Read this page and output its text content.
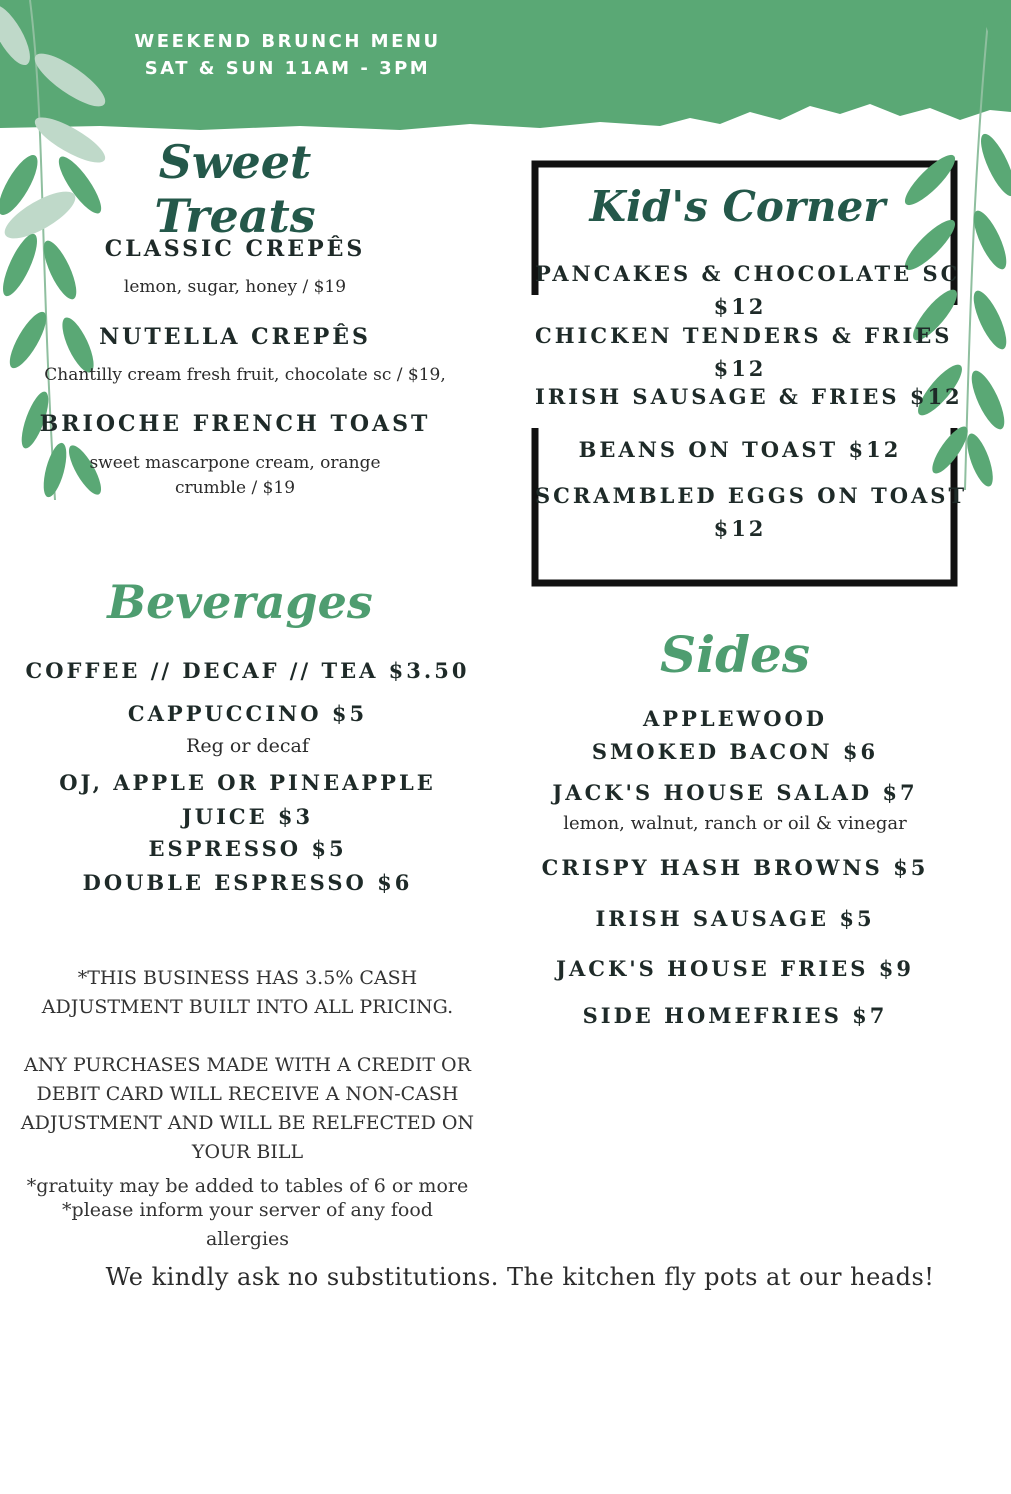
WEEKEND BRUNCH MENU
SAT & SUN 11AM - 3PM
Sweet Treats
CLASSIC CREPÊS
lemon, sugar, honey / $19
NUTELLA CREPÊS
Chantilly cream fresh fruit, chocolate sc / $19,
BRIOCHE FRENCH TOAST
sweet mascarpone cream, orange
crumble / $19
Kid's Corner
PANCAKES & CHOCOLATE SC
$12
CHICKEN TENDERS & FRIES
$12
IRISH SAUSAGE & FRIES $12
BEANS ON TOAST $12
SCRAMBLED EGGS ON TOAST
$12
Beverages
COFFEE // DECAF // TEA $3.50
CAPPUCCINO $5
Reg or decaf
OJ, APPLE OR PINEAPPLE
JUICE $3
ESPRESSO $5
DOUBLE ESPRESSO $6
Sides
APPLEWOOD
SMOKED BACON $6
JACK'S HOUSE SALAD $7
lemon, walnut, ranch or oil & vinegar
CRISPY HASH BROWNS $5
IRISH SAUSAGE $5
JACK'S HOUSE FRIES $9
SIDE HOMEFRIES $7
*THIS BUSINESS HAS 3.5% CASH
ADJUSTMENT BUILT INTO ALL PRICING.
ANY PURCHASES MADE WITH A CREDIT OR
DEBIT CARD WILL RECEIVE A NON-CASH
ADJUSTMENT AND WILL BE RELFECTED ON
YOUR BILL
*gratuity may be added to tables of 6 or more
*please inform your server of any food
allergies
We kindly ask no substitutions. The kitchen fly pots at our heads!
